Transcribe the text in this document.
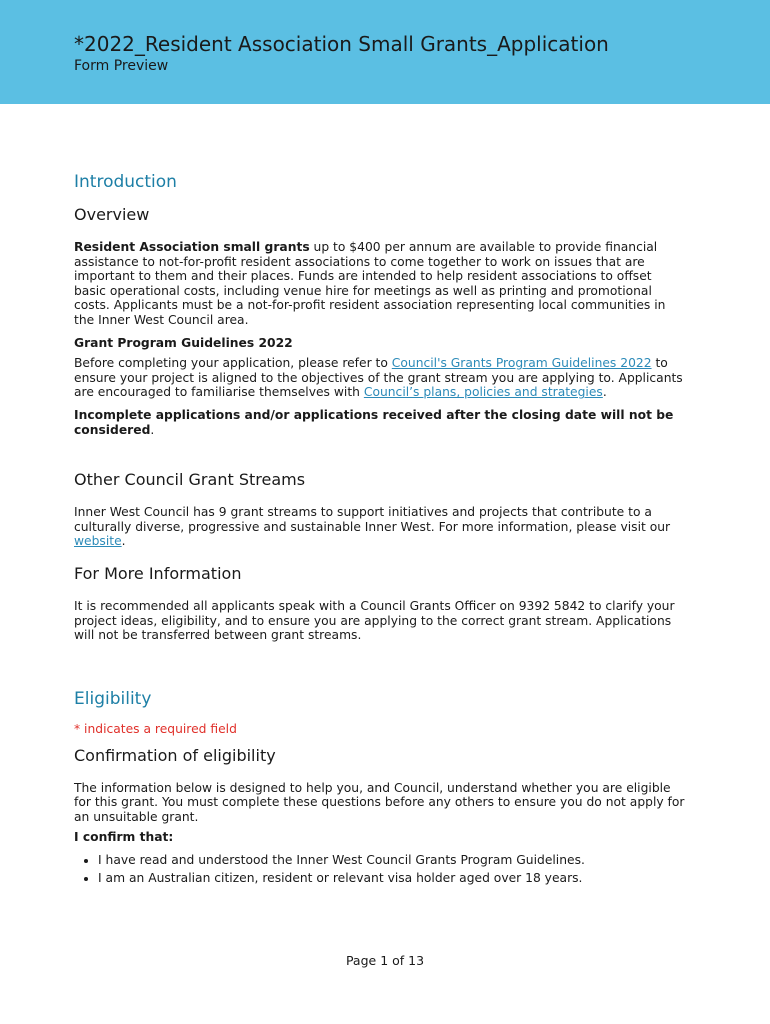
*2022_Resident Association Small Grants_Application
Form Preview
Introduction
Overview

Resident Association small grants up to $400 per annum are available to provide financial assistance to not-for-profit resident associations to come together to work on issues that are important to them and their places. Funds are intended to help resident associations to offset basic operational costs, including venue hire for meetings as well as printing and promotional costs. Applicants must be a not-for-profit resident association representing local communities in the Inner West Council area.

Grant Program Guidelines 2022

Before completing your application, please refer to Council's Grants Program Guidelines 2022 to ensure your project is aligned to the objectives of the grant stream you are applying to. Applicants are encouraged to familiarise themselves with Council’s plans, policies and strategies.

Incomplete applications and/or applications received after the closing date will not be considered.

Other Council Grant Streams

Inner West Council has 9 grant streams to support initiatives and projects that contribute to a culturally diverse, progressive and sustainable Inner West. For more information, please visit our website.

For More Information

It is recommended all applicants speak with a Council Grants Officer on 9392 5842 to clarify your project ideas, eligibility, and to ensure you are applying to the correct grant stream. Applications will not be transferred between grant streams.

Eligibility
* indicates a required field
Confirmation of eligibility

The information below is designed to help you, and Council, understand whether you are eligible for this grant. You must complete these questions before any others to ensure you do not apply for an unsuitable grant.

I confirm that:

• I have read and understood the Inner West Council Grants Program Guidelines.
• I am an Australian citizen, resident or relevant visa holder aged over 18 years.
Page 1 of 13
